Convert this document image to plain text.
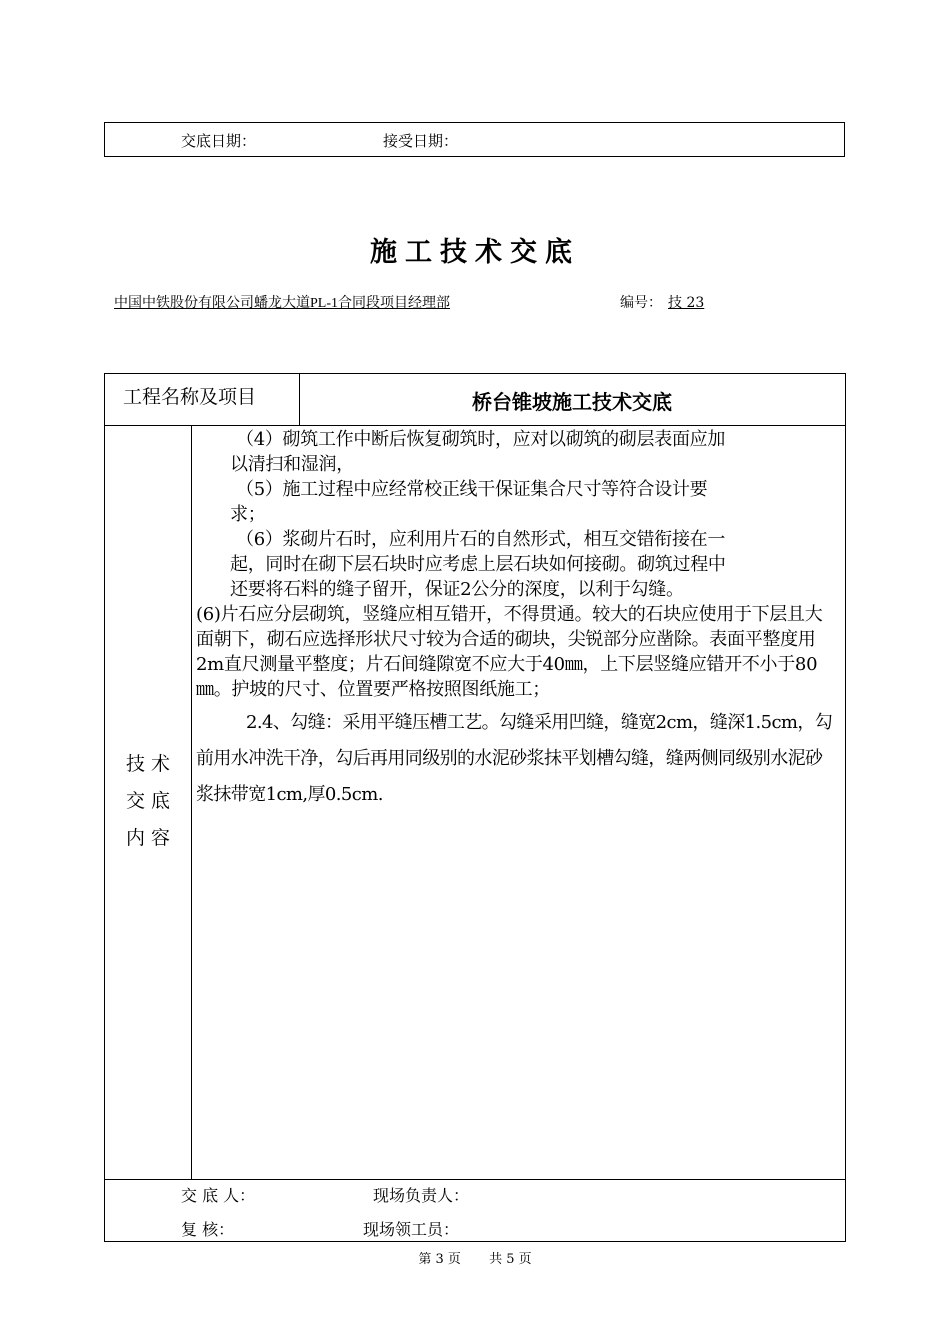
交底日期：	接受日期：
施工技术交底
中国中铁股份有限公司蟠龙大道PL-1合同段项目经理部	编号： 技 23
工程名称及项目	桥台锥坡施工技术交底
技 术
交 底
内 容

（4）砌筑工作中断后恢复砌筑时，应对以砌筑的砌层表面应加

以清扫和湿润，

（5）施工过程中应经常校正线干保证集合尺寸等符合设计要

求；

（6）浆砌片石时，应利用片石的自然形式，相互交错衔接在一

起，同时在砌下层石块时应考虑上层石块如何接砌。砌筑过程中

还要将石料的缝子留开，保证2公分的深度，以利于勾缝。

(6)片石应分层砌筑，竖缝应相互错开，不得贯通。较大的石块应使用于下层且大面朝下，砌石应选择形状尺寸较为合适的砌块，尖锐部分应凿除。表面平整度用2m直尺测量平整度；片石间缝隙宽不应大于40㎜，上下层竖缝应错开不小于80㎜。护坡的尺寸、位置要严格按照图纸施工；

2.4、勾缝：采用平缝压槽工艺。勾缝采用凹缝，缝宽2cm，缝深1.5cm，勾前用水冲洗干净，勾后再用同级别的水泥砂浆抹平划槽勾缝，缝两侧同级别水泥砂浆抹带宽1cm,厚0.5cm.

交 底 人：	现场负责人：
复 核：	现场领工员：
第 3 页 共 5 页
